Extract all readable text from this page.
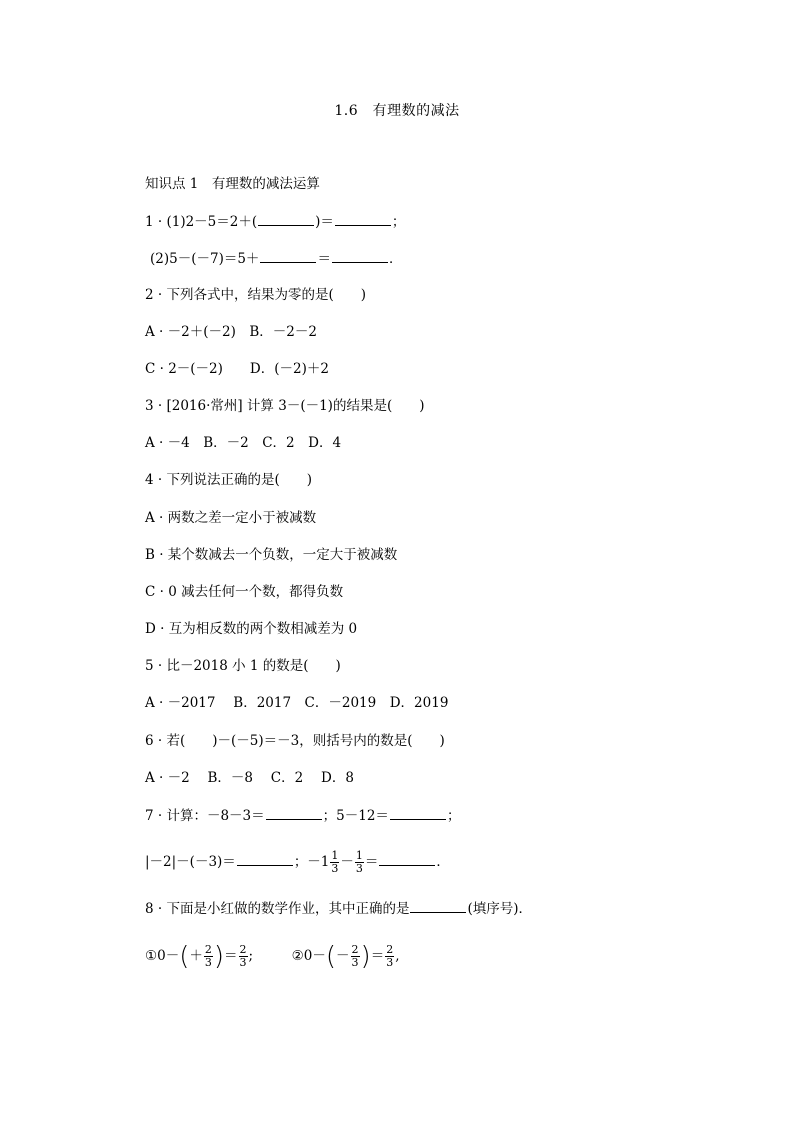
1.6　有理数的减法
知识点 1　有理数的减法运算
1 · (1)2－5＝2＋(	)＝	；
(2)5－(－7)＝5＋	＝	．
2 · 下列各式中，结果为零的是(　　)
A · －2＋(－2)　B．－2－2
C · 2－(－2)　　D．(－2)＋2
3 · [2016·常州] 计算 3－(－1)的结果是(　　)
A · －4　B．－2　C．2　D．4
4 · 下列说法正确的是(　　)
A · 两数之差一定小于被减数
B · 某个数减去一个负数，一定大于被减数
C · 0 减去任何一个数，都得负数
D · 互为相反数的两个数相减差为 0
5 · 比－2018 小 1 的数是(　　)
A · －2017　 B．2017　C．－2019　D．2019
6 · 若(　　)－(－5)＝－3，则括号内的数是(　　)
A · －2　 B．－8　 C．2　 D．8
7 · 计算：－8－3＝	；5－12＝	；
|－2|－(－3)＝	；$-1 \frac{1}{3} - \frac{1}{3}$ ＝	．
8 · 下面是小红做的数学作业，其中正确的是	(填序号)．
①0－(＋ $\frac{2}{3}$ )＝ $\frac{2}{3}$ ;	②0－(－ $\frac{2}{3}$ )＝ $\frac{2}{3}$ ,
